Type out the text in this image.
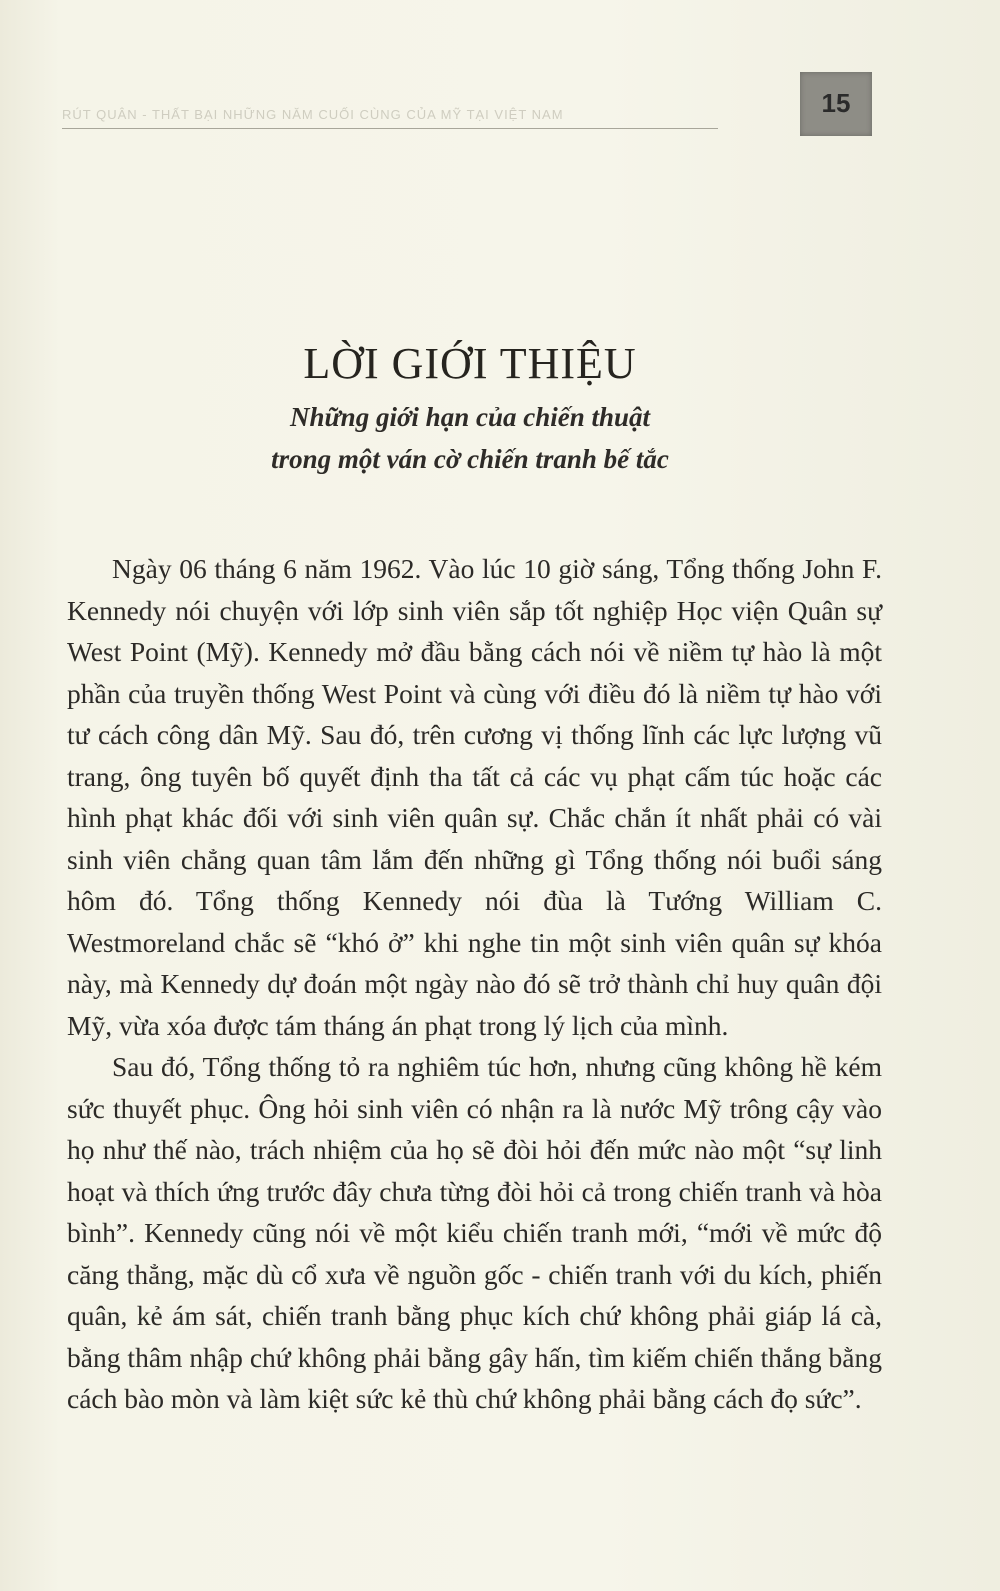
RÚT QUÂN - THẤT BẠI NHỮNG NĂM CUỐI CÙNG CỦA MỸ TẠI VIỆT NAM	15
LỜI GIỚI THIỆU

Những giới hạn của chiến thuật

trong một ván cờ chiến tranh bế tắc

Ngày 06 tháng 6 năm 1962. Vào lúc 10 giờ sáng, Tổng thống John F. Kennedy nói chuyện với lớp sinh viên sắp tốt nghiệp Học viện Quân sự West Point (Mỹ). Kennedy mở đầu bằng cách nói về niềm tự hào là một phần của truyền thống West Point và cùng với điều đó là niềm tự hào với tư cách công dân Mỹ. Sau đó, trên cương vị thống lĩnh các lực lượng vũ trang, ông tuyên bố quyết định tha tất cả các vụ phạt cấm túc hoặc các hình phạt khác đối với sinh viên quân sự. Chắc chắn ít nhất phải có vài sinh viên chẳng quan tâm lắm đến những gì Tổng thống nói buổi sáng hôm đó. Tổng thống Kennedy nói đùa là Tướng William C. Westmoreland chắc sẽ “khó ở” khi nghe tin một sinh viên quân sự khóa này, mà Kennedy dự đoán một ngày nào đó sẽ trở thành chỉ huy quân đội Mỹ, vừa xóa được tám tháng án phạt trong lý lịch của mình.

Sau đó, Tổng thống tỏ ra nghiêm túc hơn, nhưng cũng không hề kém sức thuyết phục. Ông hỏi sinh viên có nhận ra là nước Mỹ trông cậy vào họ như thế nào, trách nhiệm của họ sẽ đòi hỏi đến mức nào một “sự linh hoạt và thích ứng trước đây chưa từng đòi hỏi cả trong chiến tranh và hòa bình”. Kennedy cũng nói về một kiểu chiến tranh mới, “mới về mức độ căng thẳng, mặc dù cổ xưa về nguồn gốc - chiến tranh với du kích, phiến quân, kẻ ám sát, chiến tranh bằng phục kích chứ không phải giáp lá cà, bằng thâm nhập chứ không phải bằng gây hấn, tìm kiếm chiến thắng bằng cách bào mòn và làm kiệt sức kẻ thù chứ không phải bằng cách đọ sức”.
